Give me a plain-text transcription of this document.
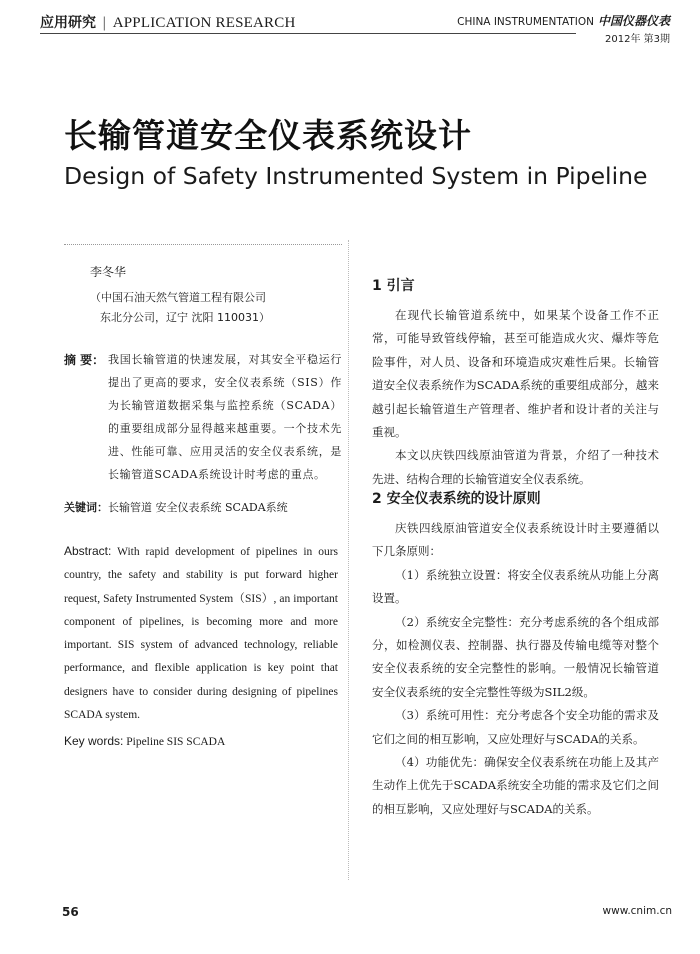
应用研究 | APPLICATION RESEARCH	CHINA INSTRUMENTATION 中国仪器仪表
2012年 第3期
长输管道安全仪表系统设计
Design of Safety Instrumented System in Pipeline
李冬华
（中国石油天然气管道工程有限公司
东北分公司，辽宁 沈阳 110031）
摘 要： 我国长输管道的快速发展，对其安全平稳运行提出了更高的要求，安全仪表系统（SIS）作为长输管道数据采集与监控系统（SCADA）的重要组成部分显得越来越重要。一个技术先进、性能可靠、应用灵活的安全仪表系统，是长输管道SCADA系统设计时考虑的重点。
关键词：长输管道 安全仪表系统 SCADA系统
Abstract: With rapid development of pipelines in ours country, the safety and stability is put forward higher request, Safety Instrumented System（SIS）, an important component of pipelines, is becoming more and more important. SIS system of advanced technology, reliable performance, and flexible application is key point that designers have to consider during designing of pipelines SCADA system.
Key words: Pipeline SIS SCADA
1 引言

在现代长输管道系统中，如果某个设备工作不正常，可能导致管线停输，甚至可能造成火灾、爆炸等危险事件，对人员、设备和环境造成灾难性后果。长输管道安全仪表系统作为SCADA系统的重要组成部分，越来越引起长输管道生产管理者、维护者和设计者的关注与重视。

本文以庆铁四线原油管道为背景，介绍了一种技术先进、结构合理的长输管道安全仪表系统。

2 安全仪表系统的设计原则

庆铁四线原油管道安全仪表系统设计时主要遵循以下几条原则：

（1）系统独立设置：将安全仪表系统从功能上分离设置。

（2）系统安全完整性：充分考虑系统的各个组成部分，如检测仪表、控制器、执行器及传输电缆等对整个安全仪表系统的安全完整性的影响。一般情况长输管道安全仪表系统的安全完整性等级为SIL2级。

（3）系统可用性：充分考虑各个安全功能的需求及它们之间的相互影响，又应处理好与SCADA的关系。

（4）功能优先：确保安全仪表系统在功能上及其产生动作上优先于SCADA系统安全功能的需求及它们之间的相互影响，又应处理好与SCADA的关系。

56	www.cnim.cn
